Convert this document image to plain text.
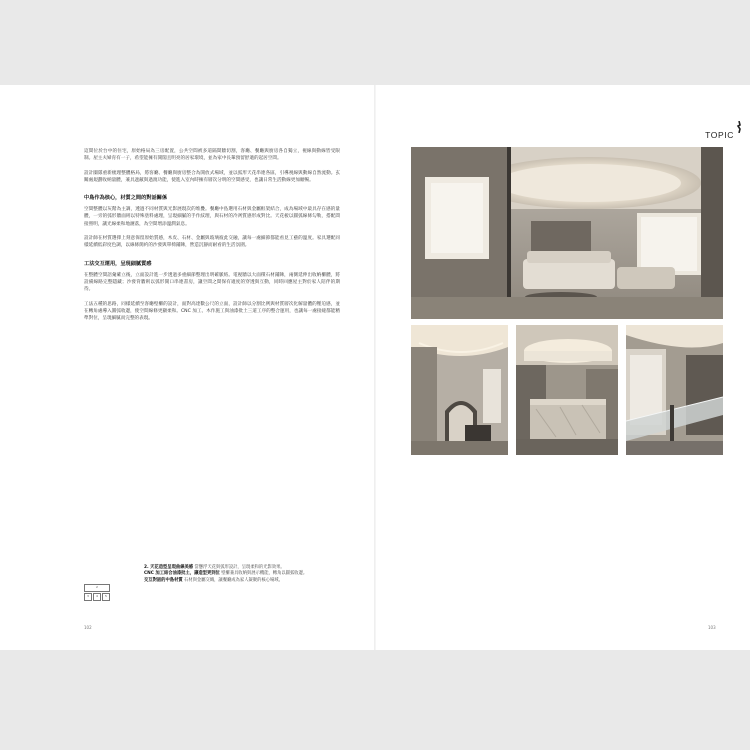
這間位於台中的住宅，原始格局為三房配置，公共空間被多道隔間牆切割，客廳、餐廳與廚房各自獨立，視線與動線皆受限制。屋主夫婦育有一子，希望能擁有開闊且明亮的居家環境，並為家中長輩預留舒適的起居空間。

設計團隊重新梳理整體格局，將客廳、餐廳與廚房整合為開放式場域，並以弧形天花串連各區，引導視線與動線自然流動。玄關處規劃收納量體，兼具遮蔽與過渡功能，使進入室內時擁有層次分明的空間感受，也讓日常生活動線更加順暢。

中島作為核心，材質之間的對話關係

空間整體以灰階為主調，透過不同材質與光影展現次的堆疊。餐廳中島選用石材與金屬框架結合，成為場域中最具存在感的量體，一旁的弧形牆面則以特殊塗料處理，呈現細膩的手作紋理，與石材的冷冽質感形成對比。天花板以圓弧線條勾勒，搭配間接照明，讓光線柔和地灑落，為空間增添溫潤氣息。

設計師在材質選擇上刻意保留原始質感，木皮、石材、金屬與玻璃彼此交融，讓每一處細節都能看見工藝的溫度。家具選配同樣延續低彩度色調，以線條簡約的沙發與單椅鋪陳，營造沉靜而耐看的生活氛圍。

工法交互運用，呈現細膩質感

在整體空間語彙確立後，立面設計進一步透過多重細節整理出明確脈絡。電視牆以大面積石材鋪陳，兩側延伸出收納櫃體，將設備線路完整隱藏；沙發背牆則以弧形開口串連書房，讓空間之間保有適度的穿透與互動，同時回應屋主對於家人陪伴的期待。

工法五種的思路，同樣延續至客廳壁櫃的設計，面對高達數公尺的立面，設計師以分割比例與材質層次化解量體的壓迫感，並在轉角處導入圓弧收邊，使空間線條更顯柔和。CNC 加工、木作施工與油漆批土三道工序的整合運用，也讓每一處接縫都能精準對位，呈現細膩而完整的表現。

2. 天花造型呈現曲線美感 當懸浮天花與弧形設計，呈現柔和的光影效果。
CNC 加工結合油漆批土，讓造型更到位 壁櫃兼具收納與展示機能，轉角以圓弧收邊。
交互對話的中島材質 石材與金屬交織，讓餐廳成為家人凝聚的核心場域。
2
3	4	5
102
TOPIC
103
